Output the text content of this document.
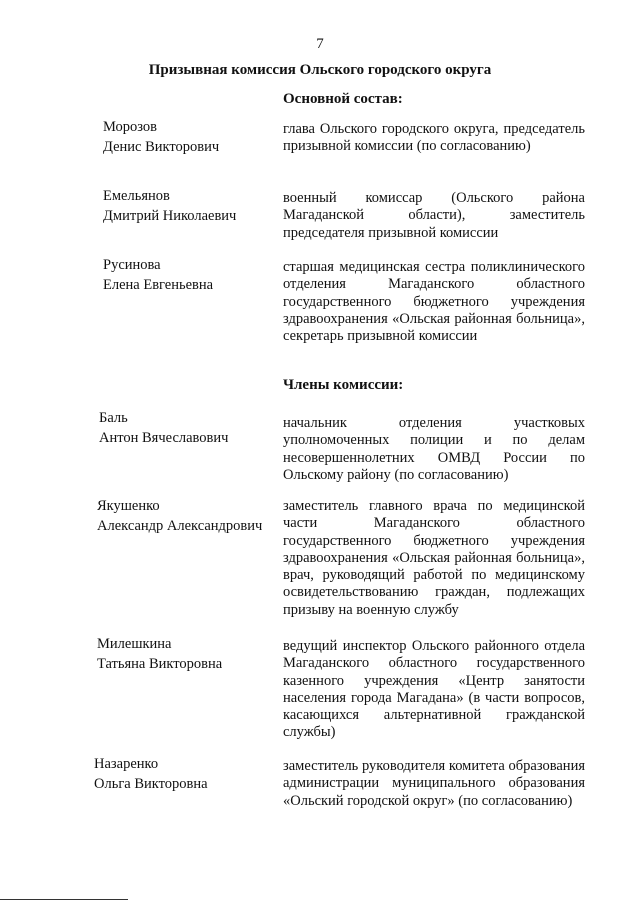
7
Призывная комиссия Ольского городского округа
Основной состав:
Морозов
Денис Викторович
глава Ольского городского округа, председатель призывной комиссии (по согласованию)
Емельянов
Дмитрий Николаевич
военный комиссар (Ольского района Магаданской области), заместитель председателя призывной комиссии
Русинова
Елена Евгеньевна
старшая медицинская сестра поликлинического отделения Магаданского областного государственного бюджетного учреждения здравоохранения «Ольская районная больница», секретарь призывной комиссии
Члены комиссии:
Баль
Антон Вячеславович
начальник отделения участковых уполномоченных полиции и по делам несовершеннолетних ОМВД России по Ольскому району (по согласованию)
Якушенко
Александр Александрович
заместитель главного врача по медицинской части Магаданского областного государственного бюджетного учреждения здравоохранения «Ольская районная больница», врач, руководящий работой по медицинскому освидетельствованию граждан, подлежащих призыву на военную службу
Милешкина
Татьяна Викторовна
ведущий инспектор Ольского районного отдела Магаданского областного государственного казенного учреждения «Центр занятости населения города Магадана» (в части вопросов, касающихся альтернативной гражданской службы)
Назаренко
Ольга Викторовна
заместитель руководителя комитета образования администрации муниципального образования «Ольский городской округ» (по согласованию)
